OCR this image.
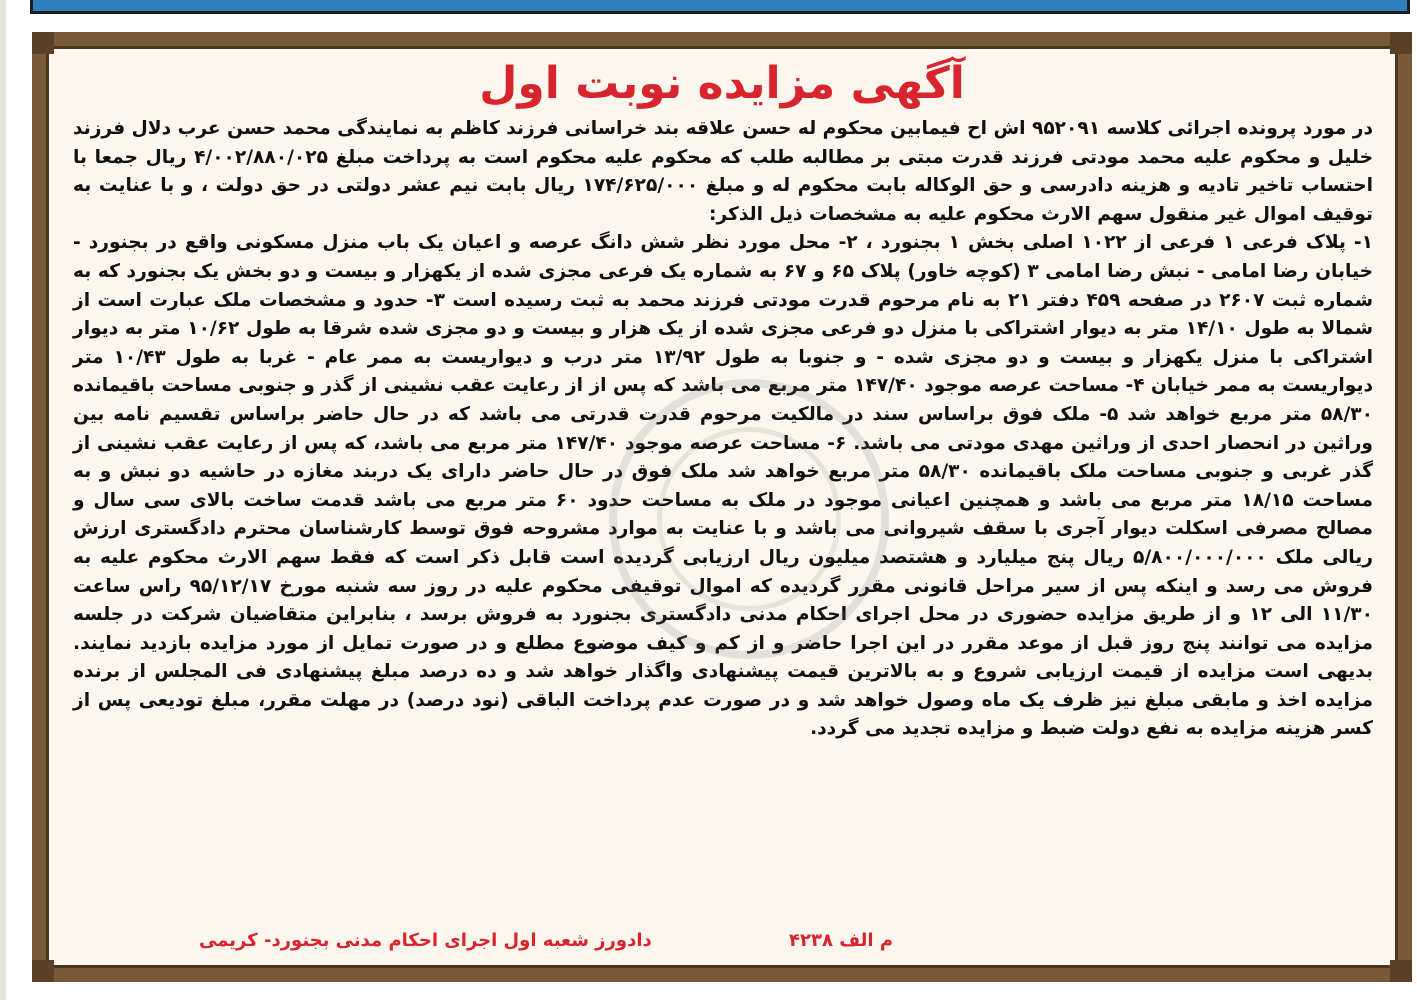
آگهی مزایده نوبت اول

در مورد پرونده اجرائی کلاسه ۹۵۲۰۹۱ اش اح فیمابین محکوم له حسن علاقه بند خراسانی فرزند کاظم به نمایندگی محمد حسن عرب دلال فرزند خلیل و محکوم علیه محمد مودتی فرزند قدرت مبتی بر مطالبه طلب که محکوم علیه محکوم است به پرداخت مبلغ ۴/۰۰۲/۸۸۰/۰۲۵ ریال جمعا با احتساب تاخیر تادیه و هزینه دادرسی و حق الوکاله بابت محکوم له و مبلغ ۱۷۴/۶۲۵/۰۰۰ ریال بابت نیم عشر دولتی در حق دولت ، و با عنایت به توقیف اموال غیر منقول سهم الارث محکوم علیه به مشخصات ذیل الذکر:

۱- پلاک فرعی ۱ فرعی از ۱۰۲۲ اصلی بخش ۱ بجنورد ، ۲- محل مورد نظر شش دانگ عرصه و اعیان یک باب منزل مسکونی واقع در بجنورد - خیابان رضا امامی - نبش رضا امامی ۳ (کوچه خاور) پلاک ۶۵ و ۶۷ به شماره یک فرعی مجزی شده از یکهزار و بیست و دو بخش یک بجنورد که به شماره ثبت ۲۶۰۷ در صفحه ۴۵۹ دفتر ۲۱ به نام مرحوم قدرت مودتی فرزند محمد به ثبت رسیده است ۳- حدود و مشخصات ملک عبارت است از شمالا به طول ۱۴/۱۰ متر به دیوار اشتراکی با منزل دو فرعی مجزی شده از یک هزار و بیست و دو مجزی شده شرقا به طول ۱۰/۶۲ متر به دیوار اشتراکی با منزل یکهزار و بیست و دو مجزی شده - و جنوبا به طول ۱۳/۹۲ متر درب و دیواریست به ممر عام - غربا به طول ۱۰/۴۳ متر دیواریست به ممر خیابان ۴- مساحت عرصه موجود ۱۴۷/۴۰ متر مربع می باشد که پس از از رعایت عقب نشینی از گذر و جنوبی مساحت باقیمانده ۵۸/۳۰ متر مربع خواهد شد ۵- ملک فوق براساس سند در مالکیت مرحوم قدرت قدرتی می باشد که در حال حاضر براساس تقسیم نامه بین وراثین در انحصار احدی از وراثین مهدی مودتی می باشد. ۶- مساحت عرصه موجود ۱۴۷/۴۰ متر مربع می باشد، که پس از رعایت عقب نشینی از گذر غربی و جنوبی مساحت ملک باقیمانده ۵۸/۳۰ متر مربع خواهد شد ملک فوق در حال حاضر دارای یک دربند مغازه در حاشیه دو نبش و به مساحت ۱۸/۱۵ متر مربع می باشد و همچنین اعیانی موجود در ملک به مساحت حدود ۶۰ متر مربع می باشد قدمت ساخت بالای سی سال و مصالح مصرفی اسکلت دیوار آجری با سقف شیروانی می باشد و با عنایت به موارد مشروحه فوق توسط کارشناسان محترم دادگستری ارزش ریالی ملک ۵/۸۰۰/۰۰۰/۰۰۰ ریال پنج میلیارد و هشتصد میلیون ریال ارزیابی گردیده است قابل ذکر است که فقط سهم الارث محکوم علیه به فروش می رسد و اینکه پس از سیر مراحل قانونی مقرر گردیده که اموال توقیفی محکوم علیه در روز سه شنبه مورخ ۹۵/۱۲/۱۷ راس ساعت ۱۱/۳۰ الی ۱۲ و از طریق مزایده حضوری در محل اجرای احکام مدنی دادگستری بجنورد به فروش برسد ، بنابراین متقاضیان شرکت در جلسه مزایده می توانند پنج روز قبل از موعد مقرر در این اجرا حاضر و از کم و کیف موضوع مطلع و در صورت تمایل از مورد مزایده بازدید نمایند. بدیهی است مزایده از قیمت ارزیابی شروع و به بالاترین قیمت پیشنهادی واگذار خواهد شد و ده درصد مبلغ پیشنهادی فی المجلس از برنده مزایده اخذ و مابقی مبلغ نیز ظرف یک ماه وصول خواهد شد و در صورت عدم پرداخت الباقی (نود درصد) در مهلت مقرر، مبلغ تودیعی پس از کسر هزینه مزایده به نفع دولت ضبط و مزایده تجدید می گردد.

م الف ۴۲۳۸
دادورز شعبه اول اجرای احکام مدنی بجنورد- کریمی
